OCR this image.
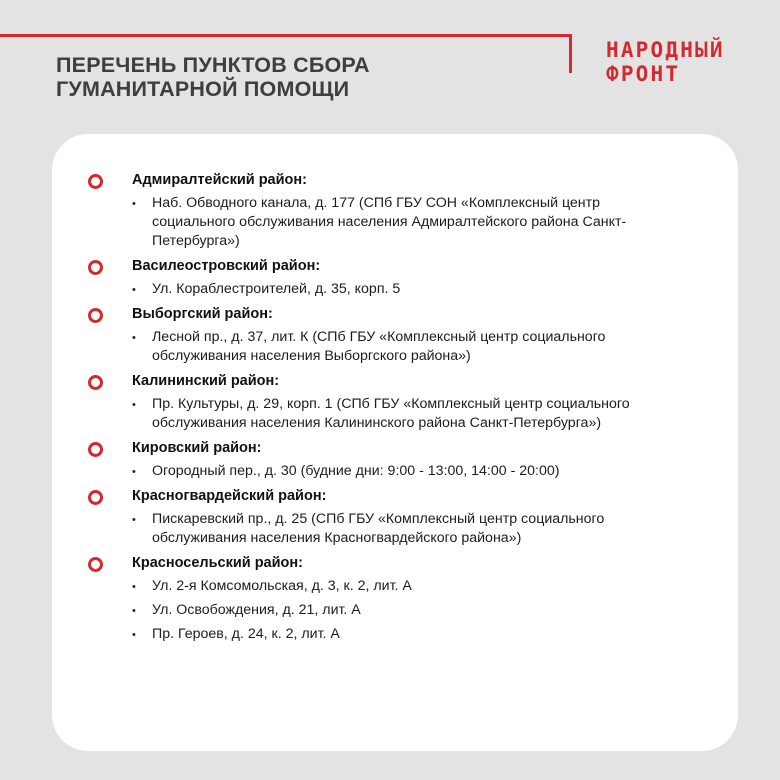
ПЕРЕЧЕНЬ ПУНКТОВ СБОРА
ГУМАНИТАРНОЙ ПОМОЩИ
НАРОДНЫЙ
ФРОНТ
Адмиралтейский район:
• Наб. Обводного канала, д. 177 (СПб ГБУ СОН «Комплексный центр социального обслуживания населения Адмиралтейского района Санкт-Петербурга»)
Василеостровский район:
• Ул. Кораблестроителей, д. 35, корп. 5
Выборгский район:
• Лесной пр., д. 37, лит. К (СПб ГБУ «Комплексный центр социального обслуживания населения Выборгского района»)
Калининский район:
• Пр. Культуры, д. 29, корп. 1 (СПб ГБУ «Комплексный центр социального обслуживания населения Калининского района Санкт-Петербурга»)
Кировский район:
• Огородный пер., д. 30 (будние дни: 9:00 - 13:00, 14:00 - 20:00)
Красногвардейский район:
• Пискаревский пр., д. 25 (СПб ГБУ «Комплексный центр социального обслуживания населения Красногвардейского района»)
Красносельский район:
• Ул. 2-я Комсомольская, д. 3, к. 2, лит. А
• Ул. Освобождения, д. 21, лит. А
• Пр. Героев, д. 24, к. 2, лит. А
